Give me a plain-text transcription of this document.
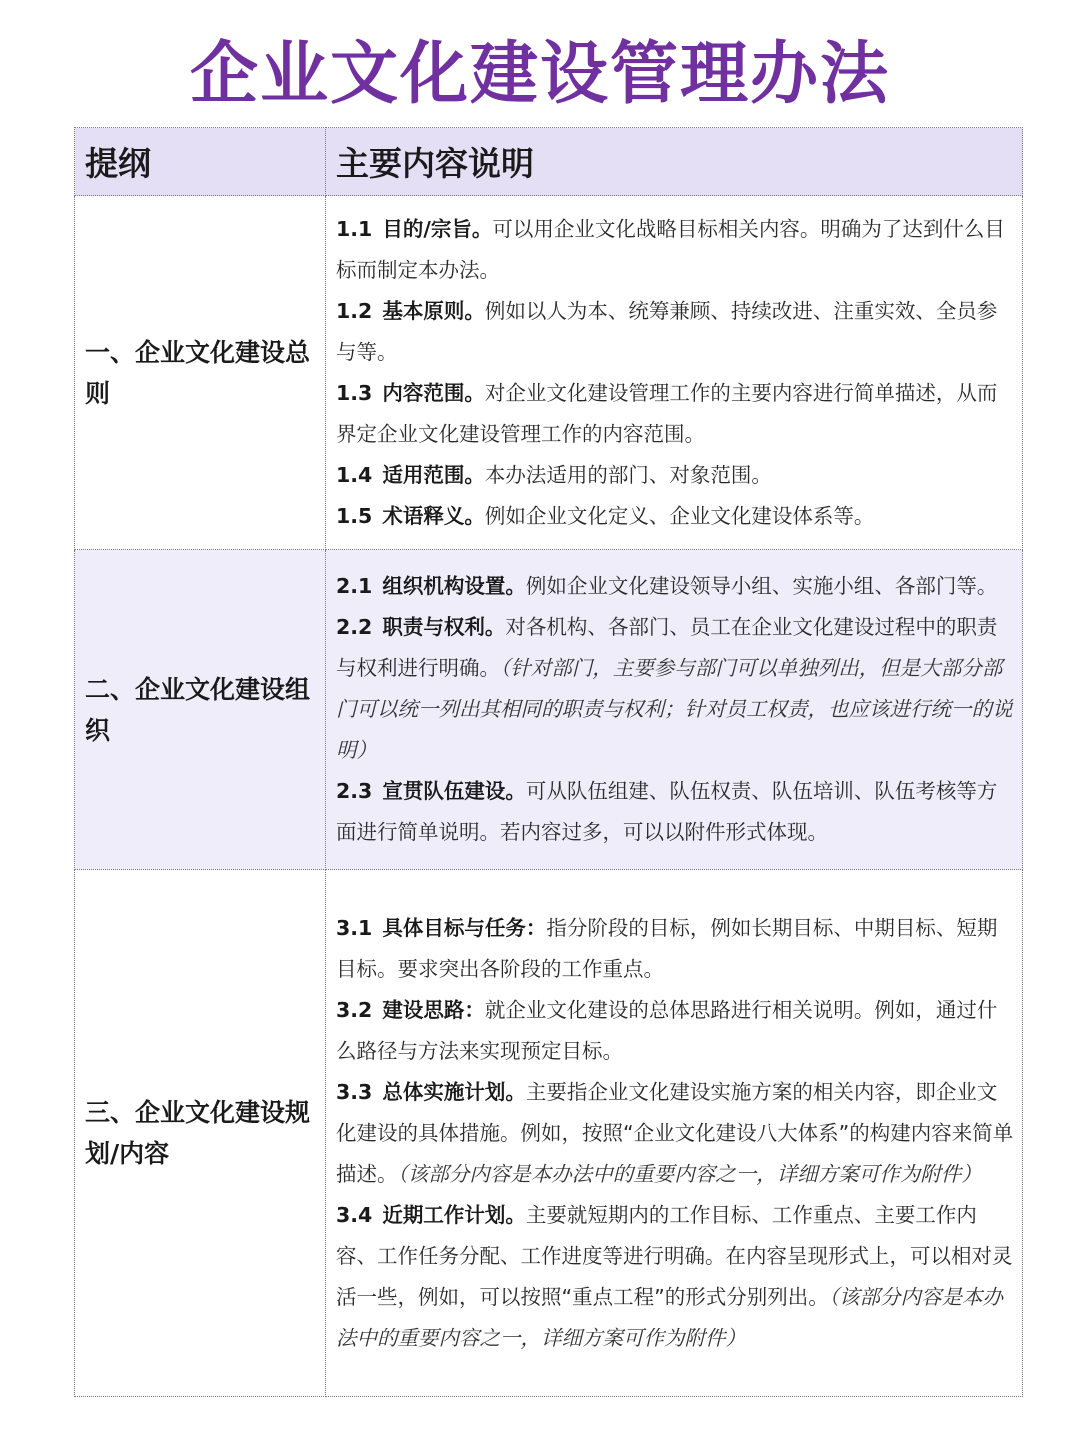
企业文化建设管理办法
提纲	主要内容说明
一、企业文化建设总则	1.1 目的/宗旨。可以用企业文化战略目标相关内容。明确为了达到什么目标而制定本办法。
1.2 基本原则。例如以人为本、统筹兼顾、持续改进、注重实效、全员参与等。
1.3 内容范围。对企业文化建设管理工作的主要内容进行简单描述，从而界定企业文化建设管理工作的内容范围。
1.4 适用范围。本办法适用的部门、对象范围。
1.5 术语释义。例如企业文化定义、企业文化建设体系等。

二、企业文化建设组织	2.1 组织机构设置。例如企业文化建设领导小组、实施小组、各部门等。
2.2 职责与权利。对各机构、各部门、员工在企业文化建设过程中的职责与权利进行明确。（针对部门，主要参与部门可以单独列出，但是大部分部门可以统一列出其相同的职责与权利；针对员工权责，也应该进行统一的说明）
2.3 宣贯队伍建设。可从队伍组建、队伍权责、队伍培训、队伍考核等方面进行简单说明。若内容过多，可以以附件形式体现。

三、企业文化建设规划/内容	3.1 具体目标与任务：指分阶段的目标，例如长期目标、中期目标、短期目标。要求突出各阶段的工作重点。
3.2 建设思路：就企业文化建设的总体思路进行相关说明。例如，通过什么路径与方法来实现预定目标。
3.3 总体实施计划。主要指企业文化建设实施方案的相关内容，即企业文化建设的具体措施。例如，按照“企业文化建设八大体系”的构建内容来简单描述。（该部分内容是本办法中的重要内容之一，详细方案可作为附件）
3.4 近期工作计划。主要就短期内的工作目标、工作重点、主要工作内容、工作任务分配、工作进度等进行明确。在内容呈现形式上，可以相对灵活一些，例如，可以按照“重点工程”的形式分别列出。（该部分内容是本办法中的重要内容之一，详细方案可作为附件）
